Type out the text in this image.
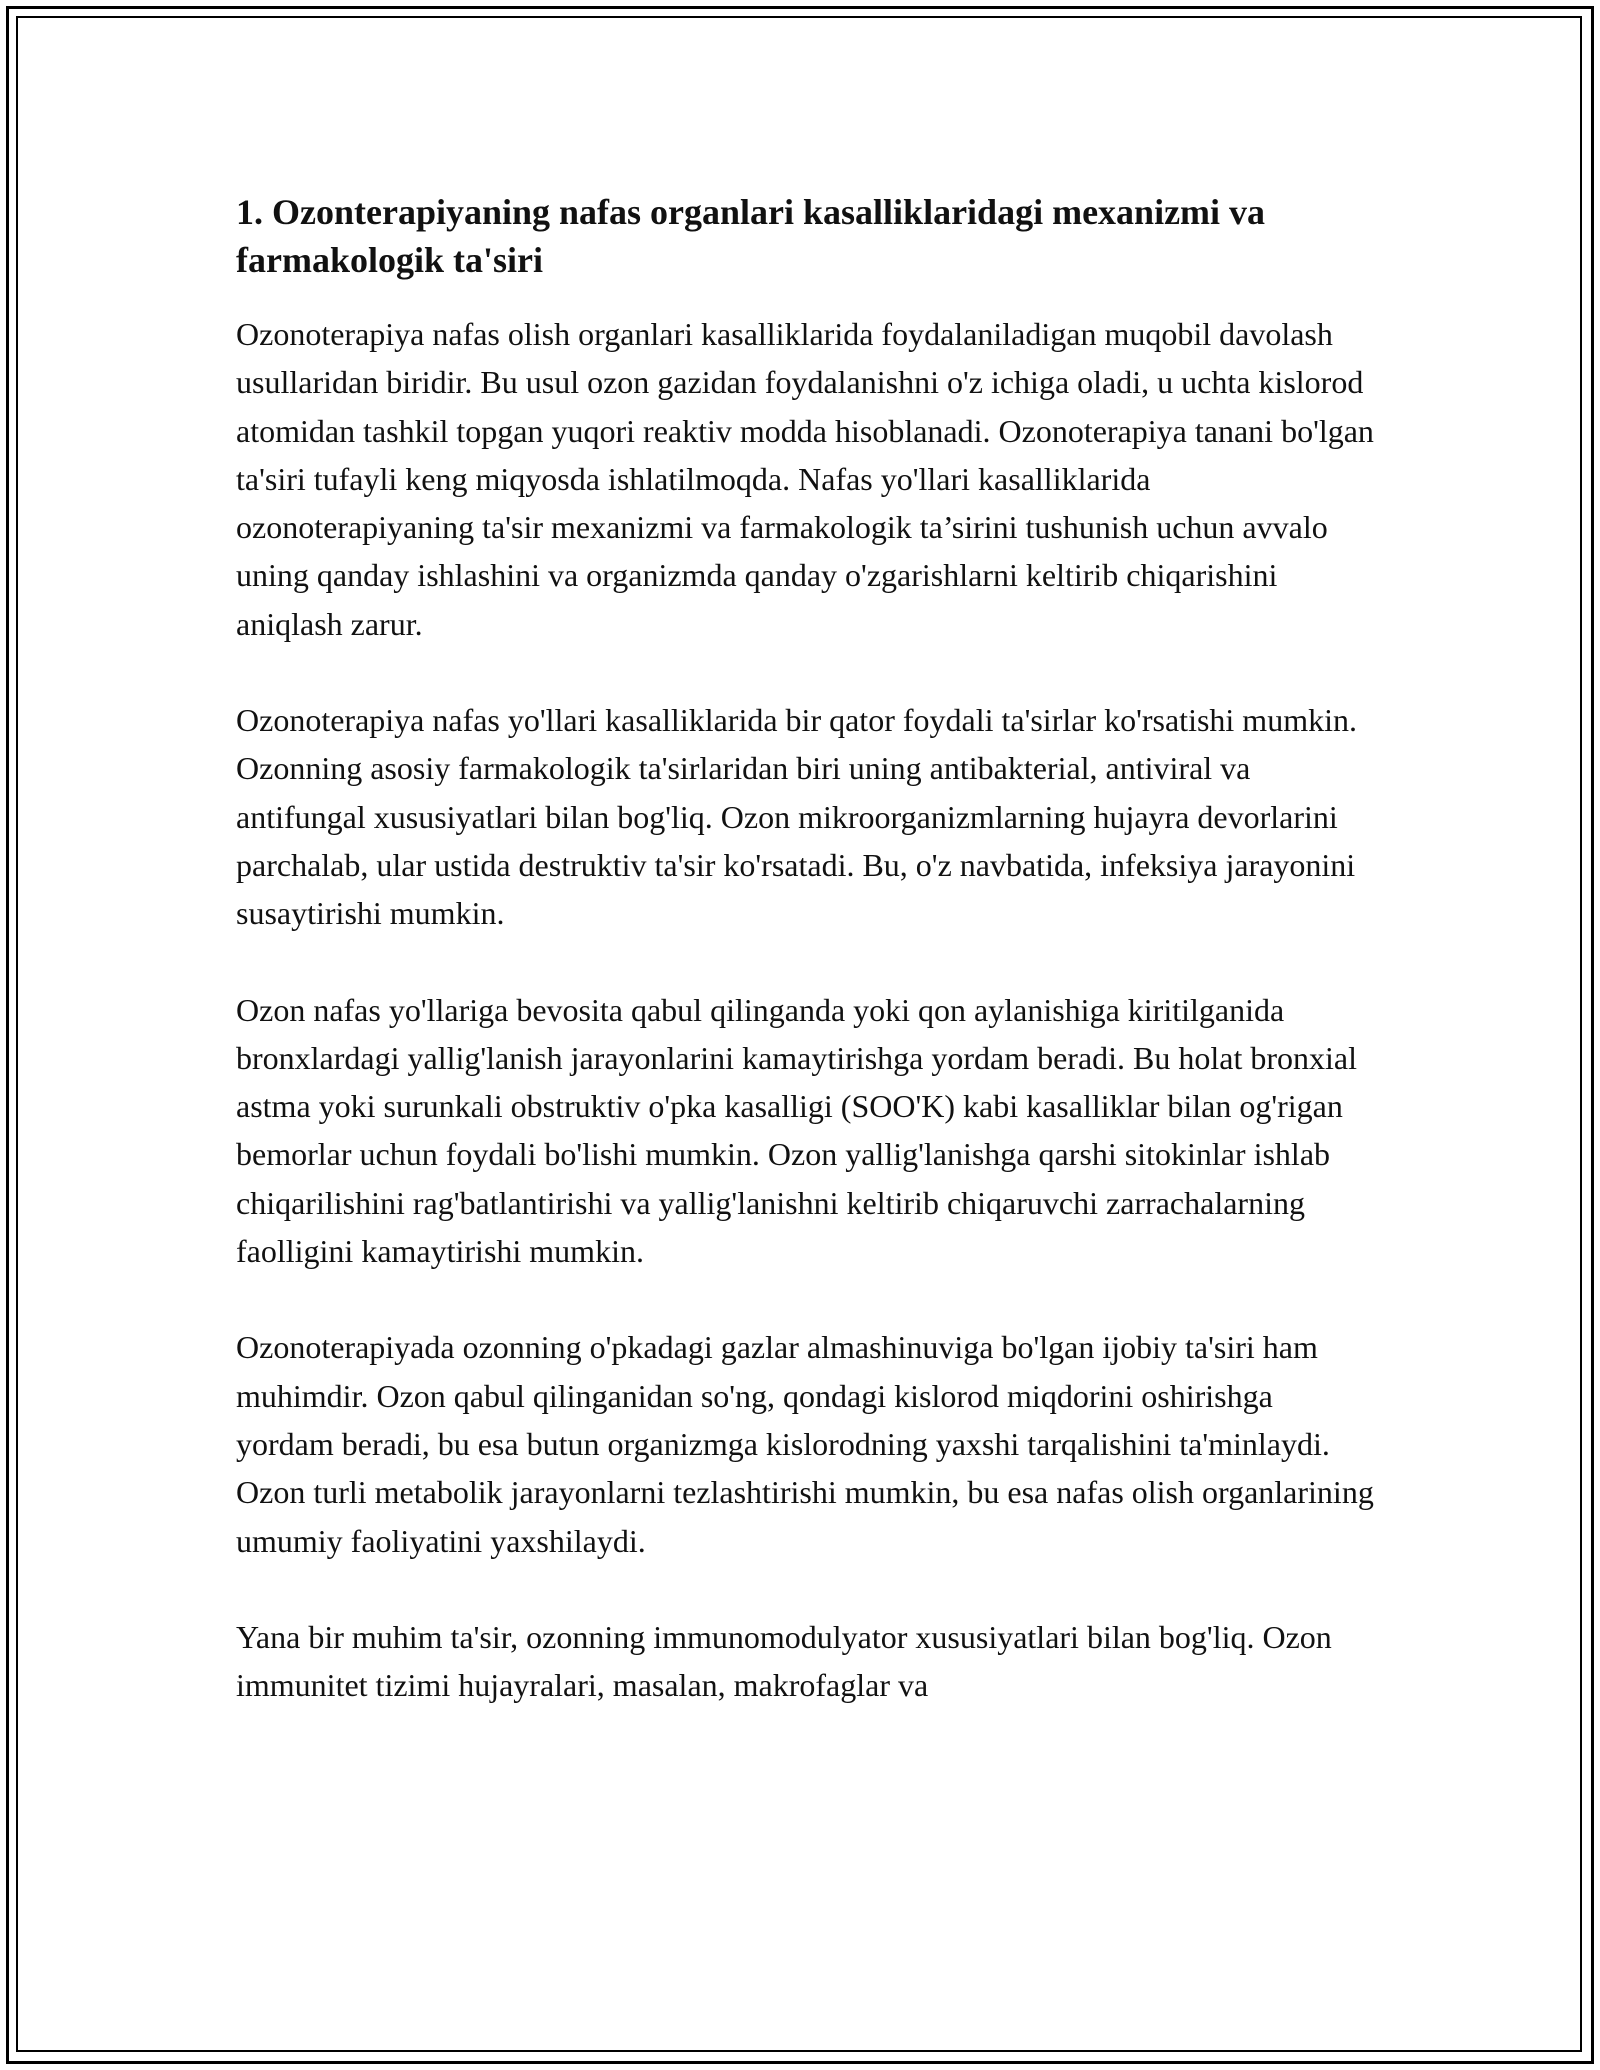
1. Ozonterapiyaning nafas organlari kasalliklaridagi mexanizmi va farmakologik ta'siri

Ozonoterapiya nafas olish organlari kasalliklarida foydalaniladigan muqobil davolash usullaridan biridir. Bu usul ozon gazidan foydalanishni o'z ichiga oladi, u uchta kislorod atomidan tashkil topgan yuqori reaktiv modda hisoblanadi. Ozonoterapiya tanani bo'lgan ta'siri tufayli keng miqyosda ishlatilmoqda. Nafas yo'llari kasalliklarida ozonoterapiyaning ta'sir mexanizmi va farmakologik ta’sirini tushunish uchun avvalo uning qanday ishlashini va organizmda qanday o'zgarishlarni keltirib chiqarishini aniqlash zarur.

Ozonoterapiya nafas yo'llari kasalliklarida bir qator foydali ta'sirlar ko'rsatishi mumkin. Ozonning asosiy farmakologik ta'sirlaridan biri uning antibakterial, antiviral va antifungal xususiyatlari bilan bog'liq. Ozon mikroorganizmlarning hujayra devorlarini parchalab, ular ustida destruktiv ta'sir ko'rsatadi. Bu, o'z navbatida, infeksiya jarayonini susaytirishi mumkin.

Ozon nafas yo'llariga bevosita qabul qilinganda yoki qon aylanishiga kiritilganida bronxlardagi yallig'lanish jarayonlarini kamaytirishga yordam beradi. Bu holat bronxial astma yoki surunkali obstruktiv o'pka kasalligi (SOO'K) kabi kasalliklar bilan og'rigan bemorlar uchun foydali bo'lishi mumkin. Ozon yallig'lanishga qarshi sitokinlar ishlab chiqarilishini rag'batlantirishi va yallig'lanishni keltirib chiqaruvchi zarrachalarning faolligini kamaytirishi mumkin.

Ozonoterapiyada ozonning o'pkadagi gazlar almashinuviga bo'lgan ijobiy ta'siri ham muhimdir. Ozon qabul qilinganidan so'ng, qondagi kislorod miqdorini oshirishga yordam beradi, bu esa butun organizmga kislorodning yaxshi tarqalishini ta'minlaydi. Ozon turli metabolik jarayonlarni tezlashtirishi mumkin, bu esa nafas olish organlarining umumiy faoliyatini yaxshilaydi.

Yana bir muhim ta'sir, ozonning immunomodulyator xususiyatlari bilan bog'liq. Ozon immunitet tizimi hujayralari, masalan, makrofaglar va
